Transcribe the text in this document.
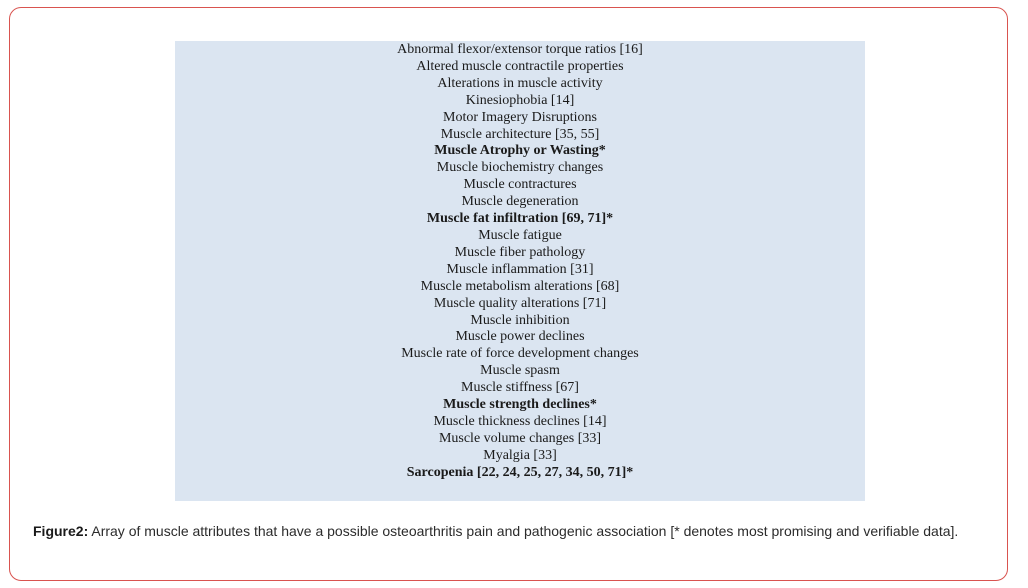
Abnormal flexor/extensor torque ratios [16]
Altered muscle contractile properties
Alterations in muscle activity
Kinesiophobia [14]
Motor Imagery Disruptions
Muscle architecture [35, 55]
Muscle Atrophy or Wasting*
Muscle biochemistry changes
Muscle contractures
Muscle degeneration
Muscle fat infiltration [69, 71]*
Muscle fatigue
Muscle fiber pathology
Muscle inflammation [31]
Muscle metabolism alterations [68]
Muscle quality alterations [71]
Muscle inhibition
Muscle power declines
Muscle rate of force development changes
Muscle spasm
Muscle stiffness [67]
Muscle strength declines*
Muscle thickness declines [14]
Muscle volume changes [33]
Myalgia [33]
Sarcopenia [22, 24, 25, 27, 34, 50, 71]*
Figure2: Array of muscle attributes that have a possible osteoarthritis pain and pathogenic association [* denotes most promising and verifiable data].
